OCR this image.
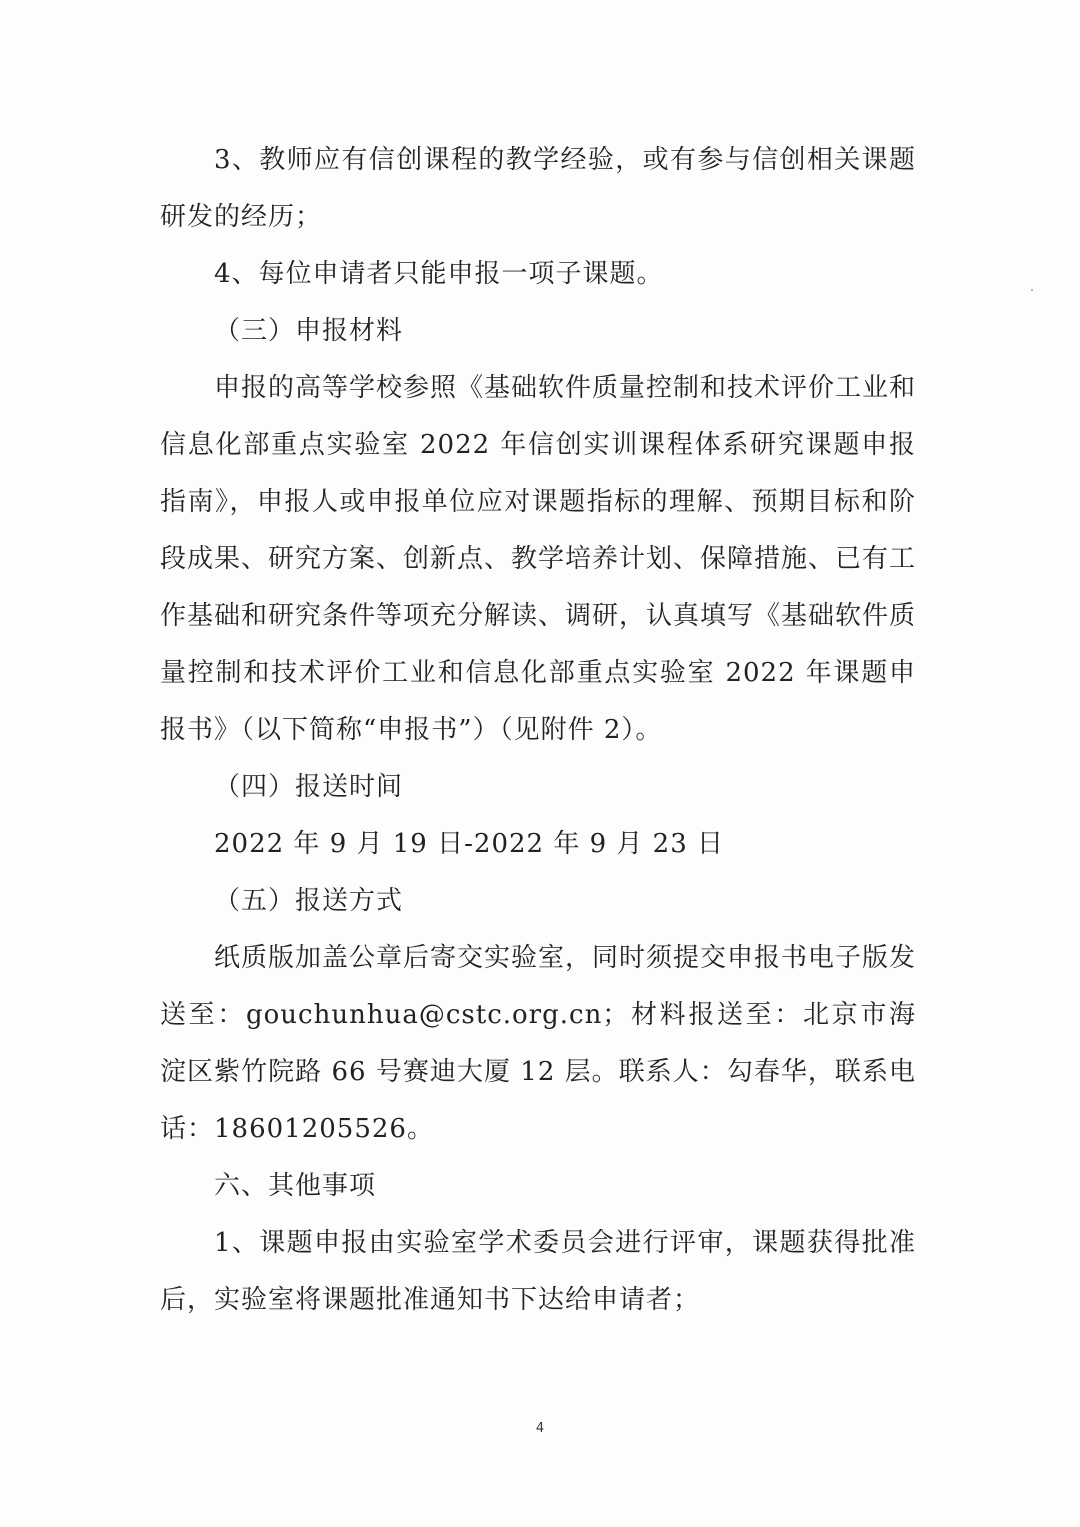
3、教师应有信创课程的教学经验，或有参与信创相关课题研发的经历；

4、每位申请者只能申报一项子课题。

（三）申报材料

申报的高等学校参照《基础软件质量控制和技术评价工业和信息化部重点实验室 2022 年信创实训课程体系研究课题申报指南》，申报人或申报单位应对课题指标的理解、预期目标和阶段成果、研究方案、创新点、教学培养计划、保障措施、已有工作基础和研究条件等项充分解读、调研，认真填写《基础软件质量控制和技术评价工业和信息化部重点实验室 2022 年课题申报书》（以下简称“申报书”）（见附件 2）。

（四）报送时间

2022 年 9 月 19 日-2022 年 9 月 23 日

（五）报送方式

纸质版加盖公章后寄交实验室，同时须提交申报书电子版发送至：gouchunhua@cstc.org.cn；材料报送至：北京市海淀区紫竹院路 66 号赛迪大厦 12 层。联系人：勾春华，联系电话：18601205526。

六、其他事项

1、课题申报由实验室学术委员会进行评审，课题获得批准后，实验室将课题批准通知书下达给申请者；

4
